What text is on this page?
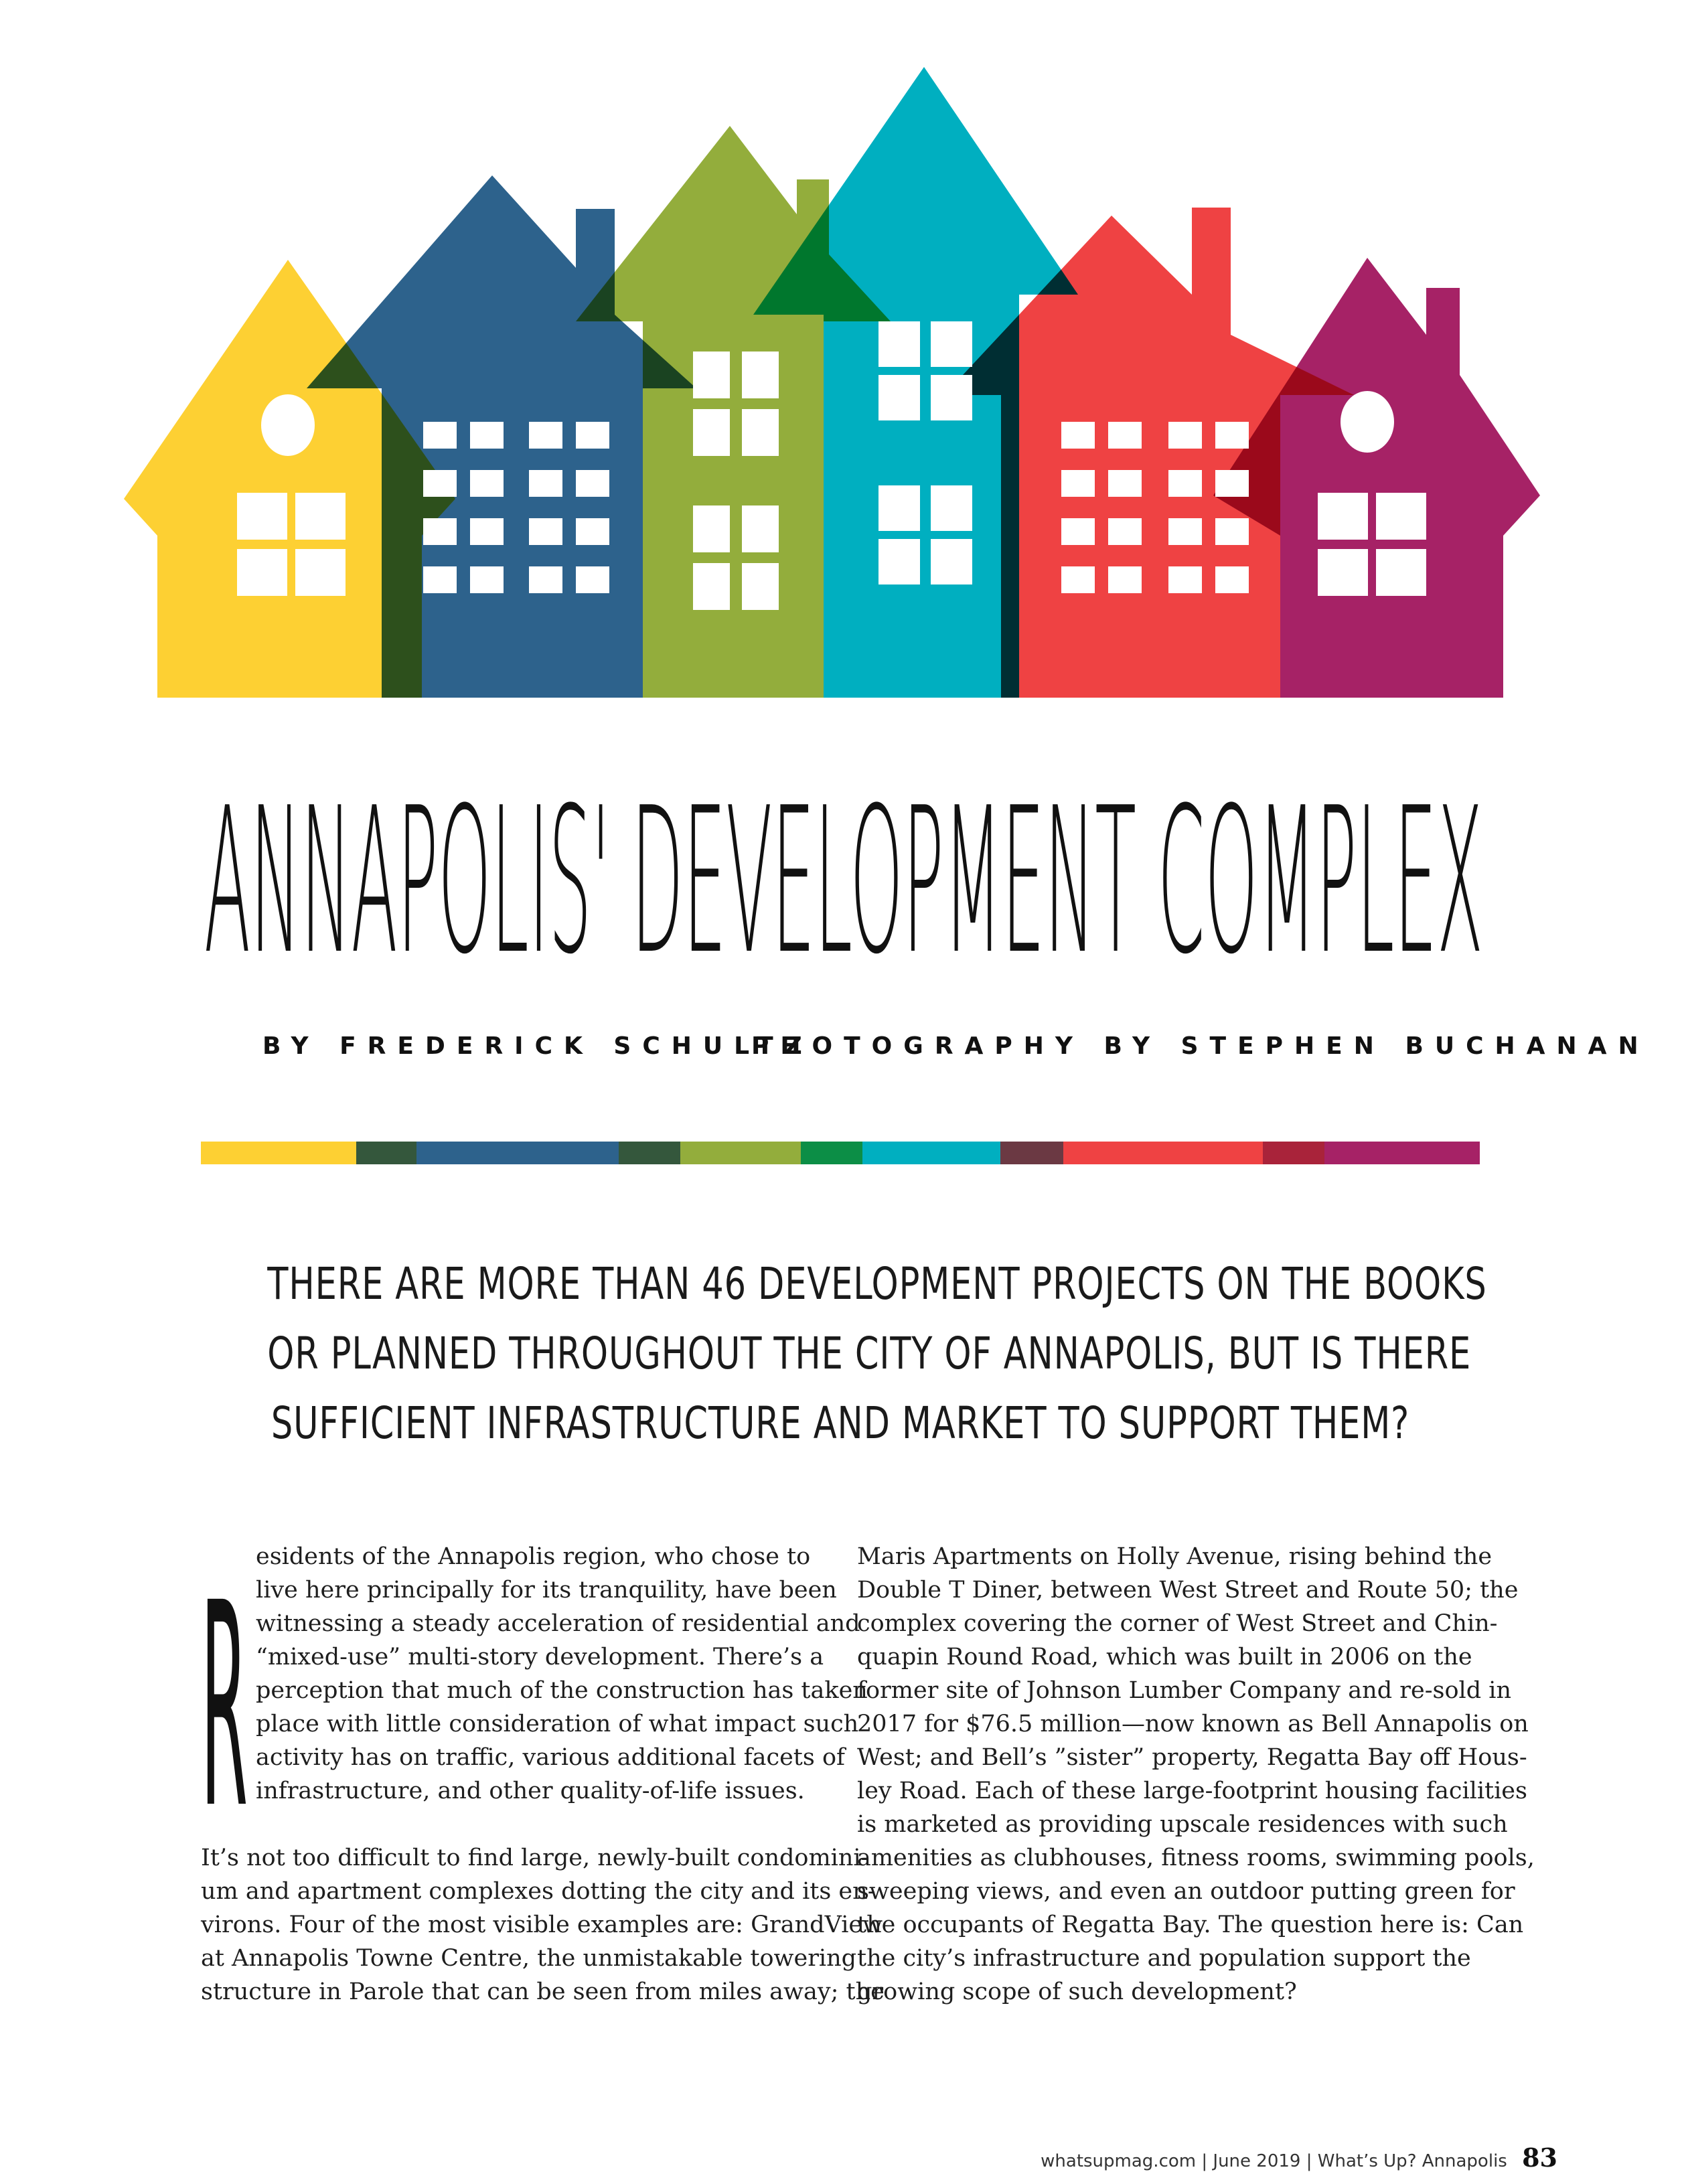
ANNAPOLIS' DEVELOPMENT COMPLEX
BY FREDERICK SCHULTZ
PHOTOGRAPHY BY STEPHEN BUCHANAN
THERE ARE MORE THAN 46 DEVELOPMENT PROJECTS ON THE BOOKS
OR PLANNED THROUGHOUT THE CITY OF ANNAPOLIS, BUT IS THERE
SUFFICIENT INFRASTRUCTURE AND MARKET TO SUPPORT THEM?
R esidents of the Annapolis region, who chose to
live here principally for its tranquility, have been
witnessing a steady acceleration of residential and
“mixed-use” multi-story development. There’s a
perception that much of the construction has taken
place with little consideration of what impact such
activity has on traffic, various additional facets of
infrastructure, and other quality-of-life issues.
It’s not too difficult to find large, newly-built condomini-
um and apartment complexes dotting the city and its en-
virons. Four of the most visible examples are: GrandView
at Annapolis Towne Centre, the unmistakable towering
structure in Parole that can be seen from miles away; the
Maris Apartments on Holly Avenue, rising behind the
Double T Diner, between West Street and Route 50; the
complex covering the corner of West Street and Chin-
quapin Round Road, which was built in 2006 on the
former site of Johnson Lumber Company and re-sold in
2017 for $76.5 million—now known as Bell Annapolis on
West; and Bell’s ”sister” property, Regatta Bay off Hous-
ley Road. Each of these large-footprint housing facilities
is marketed as providing upscale residences with such
amenities as clubhouses, fitness rooms, swimming pools,
sweeping views, and even an outdoor putting green for
the occupants of Regatta Bay. The question here is: Can
the city’s infrastructure and population support the
growing scope of such development?
whatsupmag.com | June 2019 | What’s Up? Annapolis 83
